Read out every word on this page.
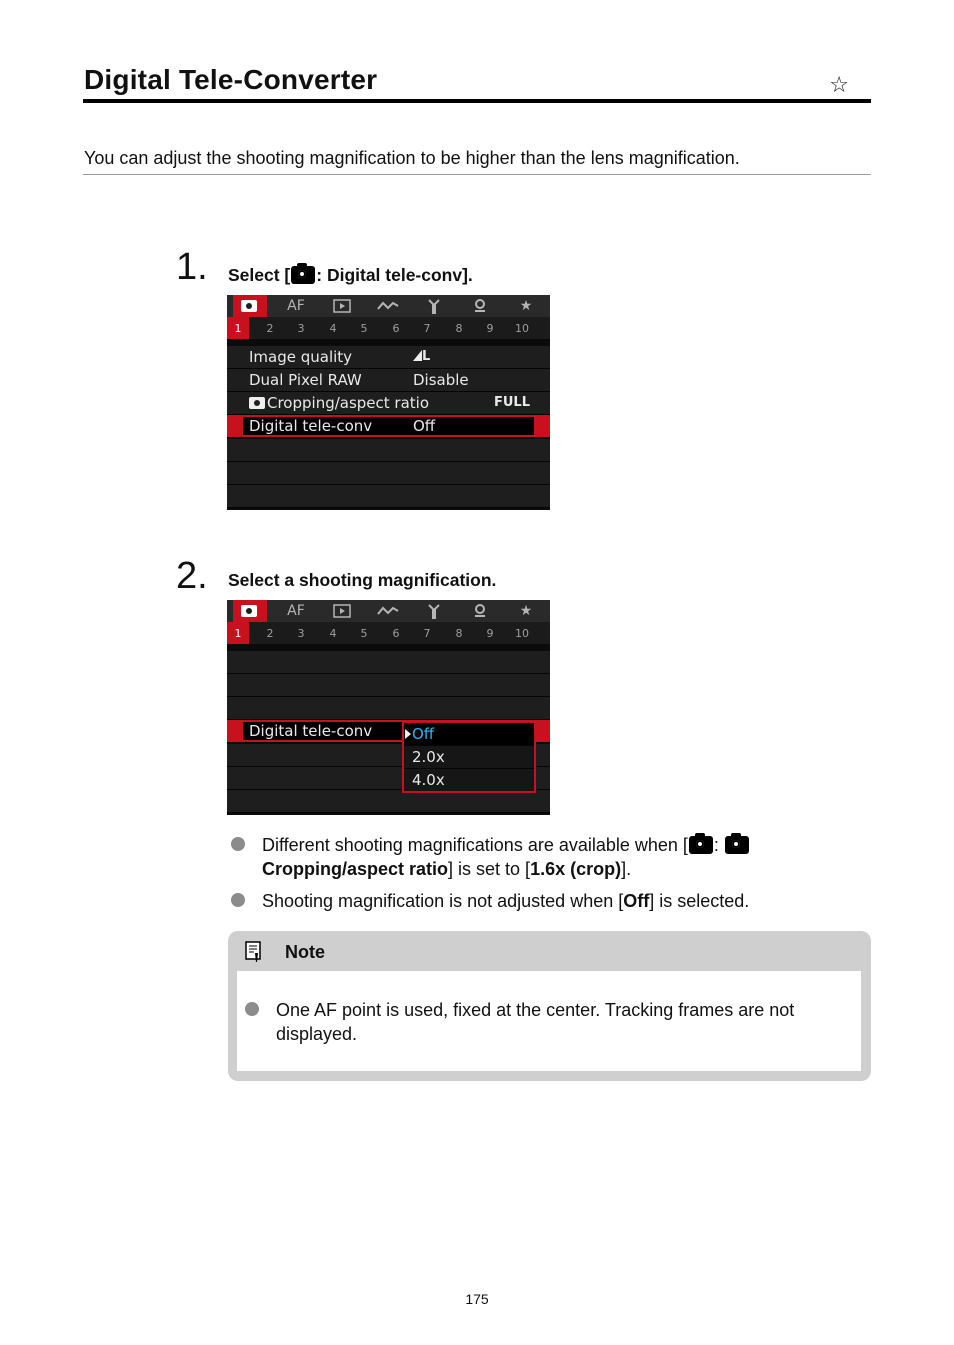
Digital Tele-Converter	☆
You can adjust the shooting magnification to be higher than the lens magnification.
1. Select [ : Digital tele-conv].
AF	★
1	2	3	4	5	6	7	8	9	10
Image quality	L
Dual Pixel RAW	Disable
Cropping/aspect ratio	FULL
Digital tele-conv	Off
2. Select a shooting magnification.
AF	★
1	2	3	4	5	6	7	8	9	10
Digital tele-conv	Off
2.0x
4.0x
Different shooting magnifications are available when [ :
Cropping/aspect ratio] is set to [1.6x (crop)].
Shooting magnification is not adjusted when [Off] is selected.
Note
One AF point is used, fixed at the center. Tracking frames are not displayed.
175
